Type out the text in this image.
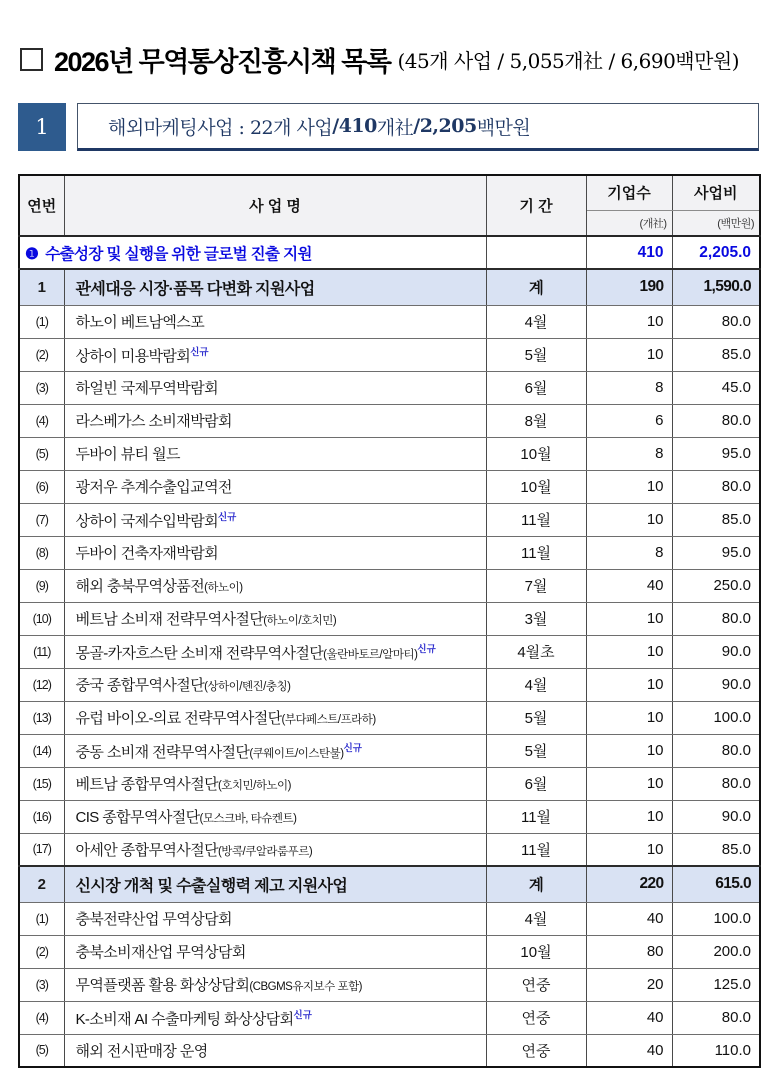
2026년 무역통상진흥시책 목록 (45개 사업 / 5,055개社 / 6,690백만원)
1	해외마케팅사업 : 22개 사업 / 410 개社 / 2,205 백만원
연번	사 업 명	기 간	기업수	사업비
			(개社)	(백만원)
❶ 수출성장 및 실행을 위한 글로벌 진출 지원			410	2,205.0
1	관세대응 시장·품목 다변화 지원사업	계	190	1,590.0
(1)	하노이 베트남엑스포	4월	10	80.0
(2)	상하이 미용박람회$^{신규}$	5월	10	85.0
(3)	하얼빈 국제무역박람회	6월	8	45.0
(4)	라스베가스 소비재박람회	8월	6	80.0
(5)	두바이 뷰티 월드	10월	8	95.0
(6)	광저우 추계수출입교역전	10월	10	80.0
(7)	상하이 국제수입박람회$^{신규}$	11월	10	85.0
(8)	두바이 건축자재박람회	11월	8	95.0
(9)	해외 충북무역상품전(하노이)	7월	40	250.0
(10)	베트남 소비재 전략무역사절단(하노이/호치민)	3월	10	80.0
(11)	몽골-카자흐스탄 소비재 전략무역사절단(울란바토르/알마티)$^{신규}$	4월초	10	90.0
(12)	중국 종합무역사절단(상하이/톈진/충칭)	4월	10	90.0
(13)	유럽 바이오-의료 전략무역사절단(부다페스트/프라하)	5월	10	100.0
(14)	중동 소비재 전략무역사절단(쿠웨이트/이스탄불)$^{신규}$	5월	10	80.0
(15)	베트남 종합무역사절단(호치민/하노이)	6월	10	80.0
(16)	CIS 종합무역사절단(모스크바, 타슈켄트)	11월	10	90.0
(17)	아세안 종합무역사절단(방콕/쿠알라룸푸르)	11월	10	85.0
2	신시장 개척 및 수출실행력 제고 지원사업	계	220	615.0
(1)	충북전략산업 무역상담회	4월	40	100.0
(2)	충북소비재산업 무역상담회	10월	80	200.0
(3)	무역플랫폼 활용 화상상담회(CBGMS유지보수 포함)	연중	20	125.0
(4)	K-소비재 AI 수출마케팅 화상상담회$^{신규}$	연중	40	80.0
(5)	해외 전시판매장 운영	연중	40	110.0
